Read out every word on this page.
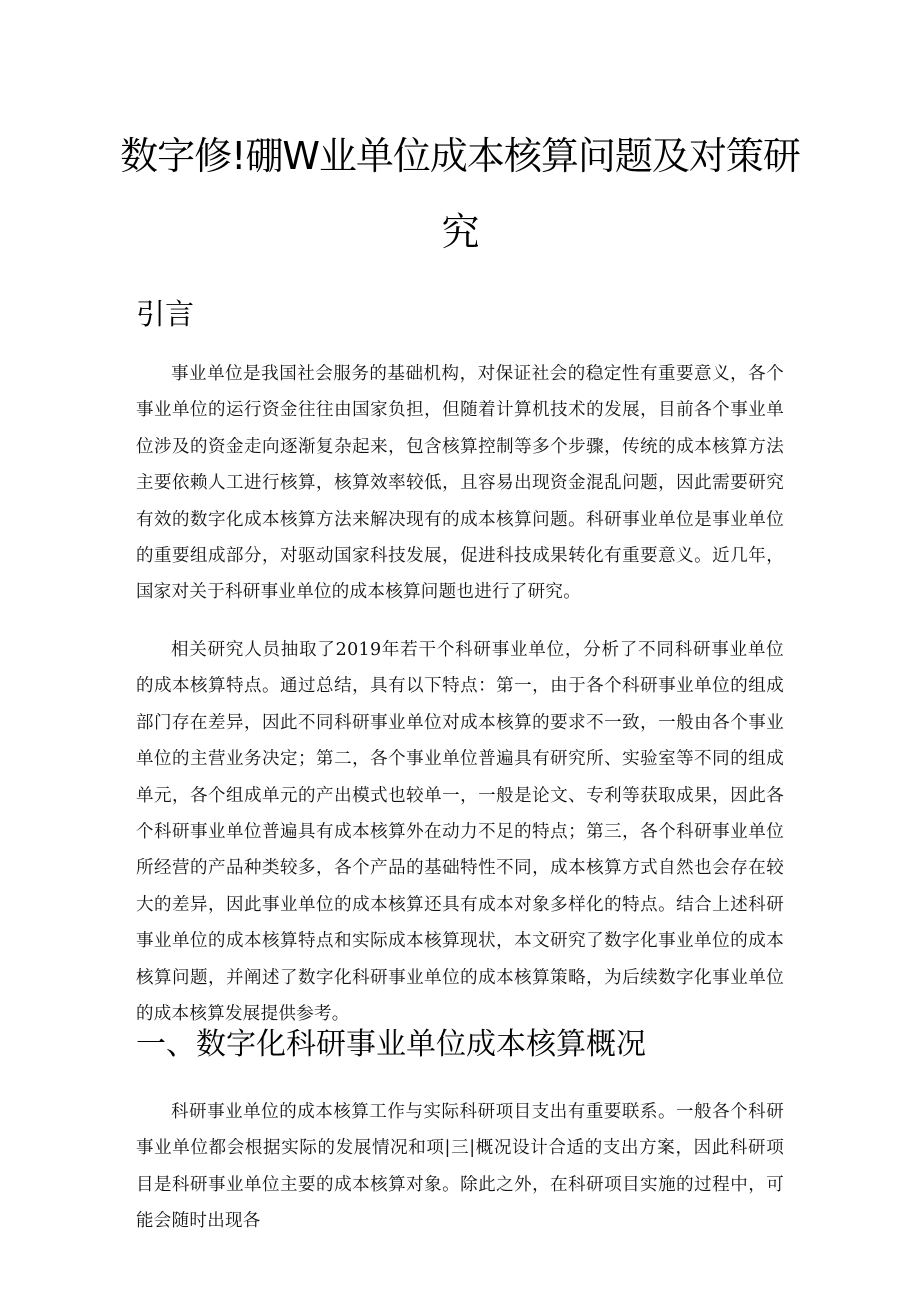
数字修!硼W业单位成本核算问题及对策研究
引言

事业单位是我国社会服务的基础机构，对保证社会的稳定性有重要意义，各个事业单位的运行资金往往由国家负担，但随着计算机技术的发展，目前各个事业单位涉及的资金走向逐渐复杂起来，包含核算控制等多个步骤，传统的成本核算方法主要依赖人工进行核算，核算效率较低，且容易出现资金混乱问题，因此需要研究有效的数字化成本核算方法来解决现有的成本核算问题。科研事业单位是事业单位的重要组成部分，对驱动国家科技发展，促进科技成果转化有重要意义。近几年，国家对关于科研事业单位的成本核算问题也进行了研究。

相关研究人员抽取了2019年若干个科研事业单位，分析了不同科研事业单位的成本核算特点。通过总结，具有以下特点：第一，由于各个科研事业单位的组成部门存在差异，因此不同科研事业单位对成本核算的要求不一致，一般由各个事业单位的主营业务决定；第二，各个事业单位普遍具有研究所、实验室等不同的组成单元，各个组成单元的产出模式也较单一，一般是论文、专利等获取成果，因此各个科研事业单位普遍具有成本核算外在动力不足的特点；第三，各个科研事业单位所经营的产品种类较多，各个产品的基础特性不同，成本核算方式自然也会存在较大的差异，因此事业单位的成本核算还具有成本对象多样化的特点。结合上述科研事业单位的成本核算特点和实际成本核算现状，本文研究了数字化事业单位的成本核算问题，并阐述了数字化科研事业单位的成本核算策略，为后续数字化事业单位的成本核算发展提供参考。

一、数字化科研事业单位成本核算概况

科研事业单位的成本核算工作与实际科研项目支出有重要联系。一般各个科研事业单位都会根据实际的发展情况和项|三|概况设计合适的支出方案，因此科研项目是科研事业单位主要的成本核算对象。除此之外，在科研项目实施的过程中，可能会随时出现各
